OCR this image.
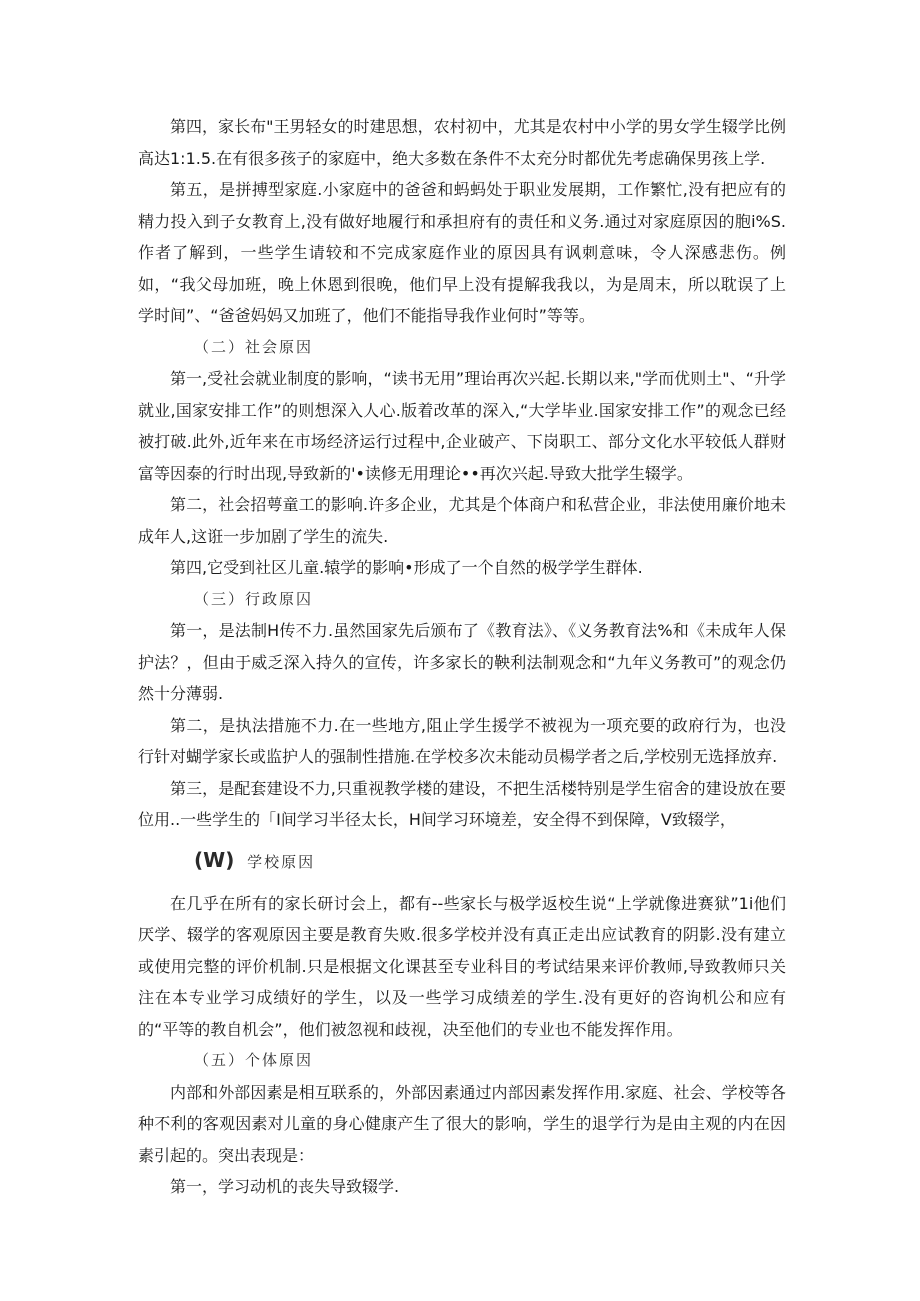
第四，家长布"王男轻女的时建思想，农村初中，尤其是农村中小学的男女学生辍学比例高达1:1.5.在有很多孩子的家庭中，绝大多数在条件不太充分时都优先考虑确保男孩上学.

第五，是拼搏型家庭.小家庭中的爸爸和蚂蚂处于职业发展期，工作繁忙,没有把应有的精力投入到子女教育上,没有做好地履行和承担府有的责任和义务.通过对家庭原因的胞i%S.作者了解到，一些学生请较和不完成家庭作业的原因具有讽刺意味，令人深感悲伤。例如，“我父母加班，晚上休恩到很晚，他们早上没有提解我我以，为是周末，所以耽误了上学时间”、“爸爸妈妈又加班了，他们不能指导我作业何时”等等。

（二）社会原因

第一,受社会就业制度的影响，“读书无用”理诒再次兴起.长期以来,"学而优则土"、“升学就业,国家安排工作”的则想深入人心.版着改革的深入,“大学毕业.国家安排工作”的观念已经被打破.此外,近年来在市场经济运行过程中,企业破产、下岗职工、部分文化水平较低人群财富等因泰的行时出现,导致新的'•读修无用理论••再次兴起.导致大批学生辍学。

第二，社会招萼童工的影响.许多企业，尤其是个体商户和私营企业，非法使用廉价地未成年人,这诳一步加剧了学生的流失.

第四,它受到社区儿童.辕学的影响•形成了一个自然的极学学生群体.

（三）行政原囚

第一，是法制H传不力.虽然国家先后颁布了《教育法》、《义务教育法%和《未成年人保护法？，但由于威乏深入持久的宣传，许多家长的鞅利法制观念和“九年义务教可”的观念仍然十分薄弱.

第二，是执法措施不力.在一些地方,阻止学生援学不被视为一项充要的政府行为，也没行针对蝴学家长或监护人的强制性措施.在学校多次未能动员楊学者之后,学校别无选择放弃.

第三，是配套建设不力,只重视教学楼的建设，不把生活楼特别是学生宿舍的建设放在要位用..一些学生的「I间学习半径太长，H间学习环境差，安全得不到保障，V致辍学，

(W) 学校原因

在几乎在所有的家长研讨会上，都有--些家长与极学返校生说“上学就像进赛狱”1i他们厌学、辍学的客观原因主要是教育失败.很多学校并没有真正走出应试教育的阴影.没有建立或使用完整的评价机制.只是根据文化课甚至专业科目的考试结果来评价教师,导致教师只关注在本专业学习成绩好的学生，以及一些学习成绩差的学生.没有更好的咨询机公和应有的“平等的教自机会”，他们被忽视和歧视，决至他们的专业也不能发挥作用。

（五）个体原因

内部和外部因素是相互联系的，外部因素通过内部因素发挥作用.家庭、社会、学校等各种不利的客观因素对儿童的身心健康产生了很大的影响，学生的退学行为是由主观的内在因素引起的。突出表现是：

第一，学习动机的丧失导致辍学.
